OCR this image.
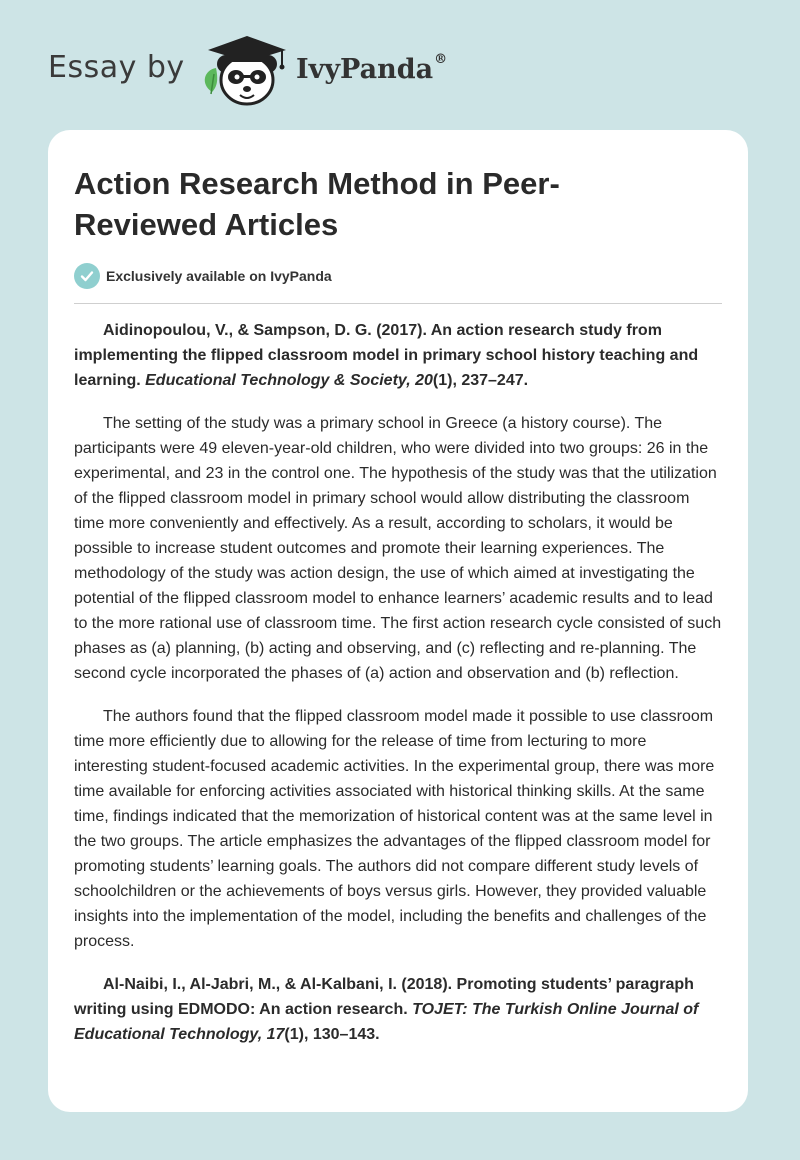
Essay by	IvyPanda®
Action Research Method in Peer-Reviewed Articles
Exclusively available on IvyPanda

Aidinopoulou, V., & Sampson, D. G. (2017). An action research study from implementing the flipped classroom model in primary school history teaching and learning. Educational Technology & Society, 20(1), 237–247.

The setting of the study was a primary school in Greece (a history course). The participants were 49 eleven-year-old children, who were divided into two groups: 26 in the experimental, and 23 in the control one. The hypothesis of the study was that the utilization of the flipped classroom model in primary school would allow distributing the classroom time more conveniently and effectively. As a result, according to scholars, it would be possible to increase student outcomes and promote their learning experiences. The methodology of the study was action design, the use of which aimed at investigating the potential of the flipped classroom model to enhance learners’ academic results and to lead to the more rational use of classroom time. The first action research cycle consisted of such phases as (a) planning, (b) acting and observing, and (c) reflecting and re-planning. The second cycle incorporated the phases of (a) action and observation and (b) reflection.

The authors found that the flipped classroom model made it possible to use classroom time more efficiently due to allowing for the release of time from lecturing to more interesting student-focused academic activities. In the experimental group, there was more time available for enforcing activities associated with historical thinking skills. At the same time, findings indicated that the memorization of historical content was at the same level in the two groups. The article emphasizes the advantages of the flipped classroom model for promoting students’ learning goals. The authors did not compare different study levels of schoolchildren or the achievements of boys versus girls. However, they provided valuable insights into the implementation of the model, including the benefits and challenges of the process.

Al-Naibi, I., Al-Jabri, M., & Al-Kalbani, I. (2018). Promoting students’ paragraph writing using EDMODO: An action research. TOJET: The Turkish Online Journal of Educational Technology, 17(1), 130–143.
